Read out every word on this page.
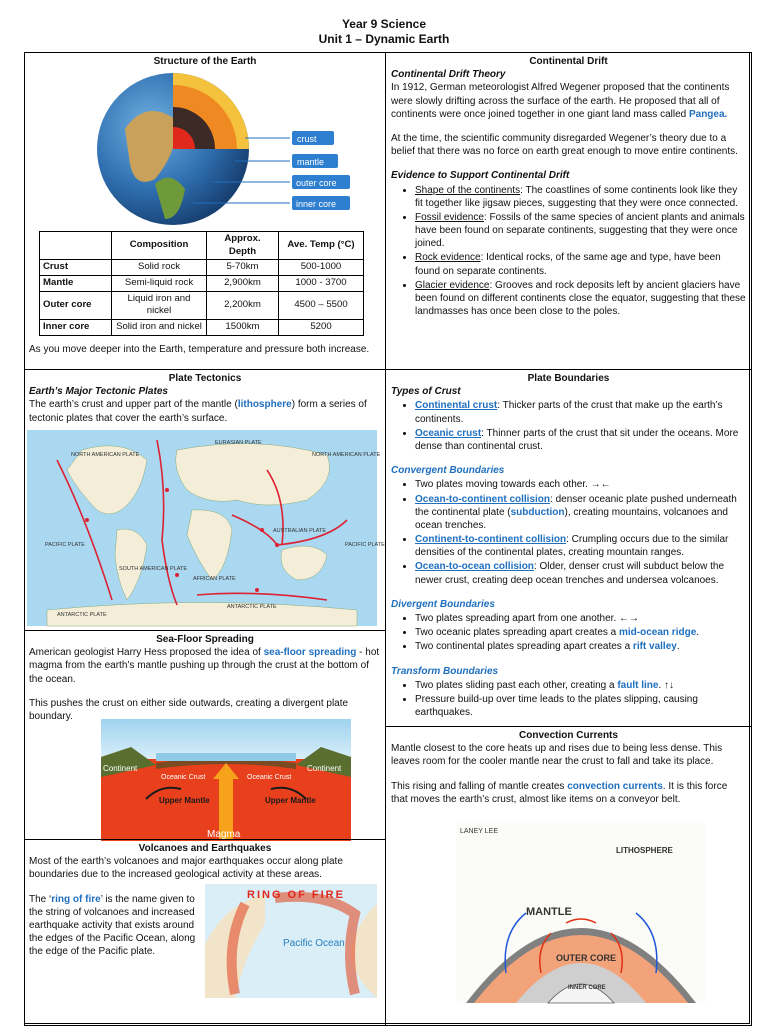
Year 9 Science
Unit 1 – Dynamic Earth
Structure of the Earth
crust
mantle
outer core
inner core
	Composition	Approx. Depth	Ave. Temp (°C)
Crust	Solid rock	5-70km	500-1000
Mantle	Semi-liquid rock	2,900km	1000 - 3700
Outer core	Liquid iron and nickel	2,200km	4500 – 5500
Inner core	Solid iron and nickel	1500km	5200
As you move deeper into the Earth, temperature and pressure both increase.
Continental Drift
Continental Drift Theory
In 1912, German meteorologist Alfred Wegener proposed that the continents were slowly drifting across the surface of the earth. He proposed that all of continents were once joined together in one giant land mass called Pangea.
At the time, the scientific community disregarded Wegener’s theory due to a belief that there was no force on earth great enough to move entire continents.
Evidence to Support Continental Drift
• Shape of the continents: The coastlines of some continents look like they fit together like jigsaw pieces, suggesting that they were once connected.
• Fossil evidence: Fossils of the same species of ancient plants and animals have been found on separate continents, suggesting that they were once joined.
• Rock evidence: Identical rocks, of the same age and type, have been found on separate continents.
• Glacier evidence: Grooves and rock deposits left by ancient glaciers have been found on different continents close the equator, suggesting that these landmasses has once been close to the poles.
Plate Tectonics
Earth’s Major Tectonic Plates
The earth’s crust and upper part of the mantle (lithosphere) form a series of tectonic plates that cover the earth’s surface.
EURASIAN PLATE
NORTH AMERICAN PLATE	NORTH AMERICAN PLATE
PACIFIC PLATE	PACIFIC PLATE
SOUTH AMERICAN PLATE
AFRICAN PLATE
AUSTRALIAN PLATE
ANTARCTIC PLATE
ANTARCTIC PLATE
Plate Boundaries
Types of Crust
• Continental crust: Thicker parts of the crust that make up the earth’s continents.
• Oceanic crust: Thinner parts of the crust that sit under the oceans. More dense than continental crust.
Convergent Boundaries
• Two plates moving towards each other. →←
• Ocean-to-continent collision: denser oceanic plate pushed underneath the continental plate (subduction), creating mountains, volcanoes and ocean trenches.
• Continent-to-continent collision: Crumpling occurs due to the similar densities of the continental plates, creating mountain ranges.
• Ocean-to-ocean collision: Older, denser crust will subduct below the newer crust, creating deep ocean trenches and undersea volcanoes.
Divergent Boundaries
• Two plates spreading apart from one another. ←→
• Two oceanic plates spreading apart creates a mid-ocean ridge.
• Two continental plates spreading apart creates a rift valley.
Transform Boundaries
• Two plates sliding past each other, creating a fault line. ↑↓
• Pressure build-up over time leads to the plates slipping, causing earthquakes.
Sea-Floor Spreading
American geologist Harry Hess proposed the idea of sea-floor spreading - hot magma from the earth’s mantle pushing up through the crust at the bottom of the ocean.
This pushes the crust on either side outwards, creating a divergent plate boundary.
Continent	Continent
Oceanic Crust	Oceanic Crust
Upper Mantle	Upper Mantle
Magma
Convection Currents
Mantle closest to the core heats up and rises due to being less dense. This leaves room for the cooler mantle near the crust to fall and take its place.
This rising and falling of mantle creates convection currents. It is this force that moves the earth’s crust, almost like items on a conveyor belt.
LANEY LEE
LITHOSPHERE
MANTLE
OUTER CORE
INNER CORE
Volcanoes and Earthquakes
Most of the earth’s volcanoes and major earthquakes occur along plate boundaries due to the increased geological activity at these areas.
The ‘ring of fire’ is the name given to the string of volcanoes and increased earthquake activity that exists around the edges of the Pacific Ocean, along the edge of the Pacific plate.
RING OF FIRE
Pacific Ocean
